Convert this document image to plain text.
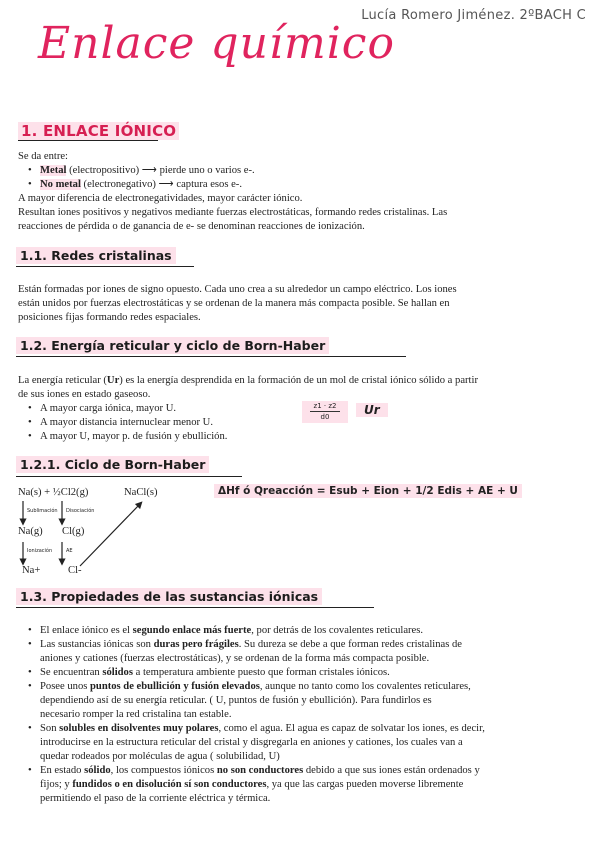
Lucía Romero Jiménez. 2ºBACH C
Enlace químico
1. ENLACE IÓNICO
Se da entre:
• Metal (electropositivo) ⟶ pierde uno o varios e-.
• No metal (electronegativo) ⟶ captura esos e-.
A mayor diferencia de electronegatividades, mayor carácter iónico.
Resultan iones positivos y negativos mediante fuerzas electrostáticas, formando redes cristalinas. Las
reacciones de pérdida o de ganancia de e- se denominan reacciones de ionización.
1.1. Redes cristalinas
Están formadas por iones de signo opuesto. Cada uno crea a su alrededor un campo eléctrico. Los iones
están unidos por fuerzas electrostáticas y se ordenan de la manera más compacta posible. Se hallan en
posiciones fijas formando redes espaciales.
1.2. Energía reticular y ciclo de Born-Haber
La energía reticular (Ur) es la energía desprendida en la formación de un mol de cristal iónico sólido a partir
de sus iones en estado gaseoso.
• A mayor carga iónica, mayor U.
• A mayor distancia internuclear menor U.
• A mayor U, mayor p. de fusión y ebullición.
z1 · z2
d0	Ur
1.2.1. Ciclo de Born-Haber
Na(s) + ½Cl2(g)	NaCl(s)	ΔHf ó Qreacción = Esub + Eion + 1/2 Edis + AE + U
Sublimación Disociación
Na(g) Cl(g)
Ionización	AE
Na+	Cl-
1.3. Propiedades de las sustancias iónicas
• El enlace iónico es el segundo enlace más fuerte, por detrás de los covalentes reticulares.
• Las sustancias iónicas son duras pero frágiles. Su dureza se debe a que forman redes cristalinas de
aniones y cationes (fuerzas electrostáticas), y se ordenan de la forma más compacta posible.
• Se encuentran sólidos a temperatura ambiente puesto que forman cristales iónicos.
• Posee unos puntos de ebullición y fusión elevados, aunque no tanto como los covalentes reticulares,
dependiendo así de su energía reticular. ( U, puntos de fusión y ebullición). Para fundirlos es
necesario romper la red cristalina tan estable.
• Son solubles en disolventes muy polares, como el agua. El agua es capaz de solvatar los iones, es decir,
introducirse en la estructura reticular del cristal y disgregarla en aniones y cationes, los cuales van a
quedar rodeados por moléculas de agua ( solubilidad, U)
• En estado sólido, los compuestos iónicos no son conductores debido a que sus iones están ordenados y
fijos; y fundidos o en disolución sí son conductores, ya que las cargas pueden moverse libremente
permitiendo el paso de la corriente eléctrica y térmica.
